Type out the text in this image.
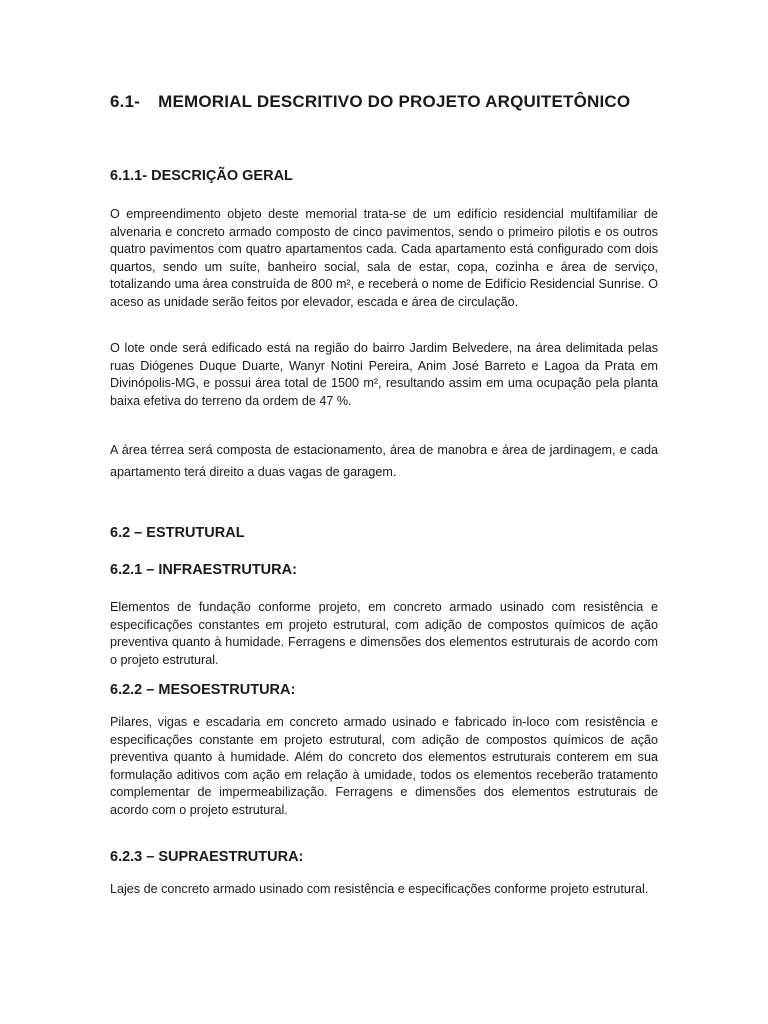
6.1- MEMORIAL DESCRITIVO DO PROJETO ARQUITETÔNICO
6.1.1- DESCRIÇÃO GERAL

O empreendimento objeto deste memorial trata-se de um edifício residencial multifamiliar de alvenaria e concreto armado composto de cinco pavimentos, sendo o primeiro pilotis e os outros quatro pavimentos com quatro apartamentos cada. Cada apartamento está configurado com dois quartos, sendo um suíte, banheiro social, sala de estar, copa, cozinha e área de serviço, totalizando uma área construída de 800 m², e receberá o nome de Edifício Residencial Sunrise. O aceso as unidade serão feitos por elevador, escada e área de circulação.

O lote onde será edificado está na região do bairro Jardim Belvedere, na área delimitada pelas ruas Diógenes Duque Duarte, Wanyr Notini Pereira, Anim José Barreto e Lagoa da Prata em Divinópolis-MG, e possui área total de 1500 m², resultando assim em uma ocupação pela planta baixa efetiva do terreno da ordem de 47 %.

A área térrea será composta de estacionamento, área de manobra e área de jardinagem, e cada apartamento terá direito a duas vagas de garagem.

6.2 – ESTRUTURAL
6.2.1 – INFRAESTRUTURA:

Elementos de fundação conforme projeto, em concreto armado usinado com resistência e especificações constantes em projeto estrutural, com adição de compostos químicos de ação preventiva quanto à humidade. Ferragens e dimensões dos elementos estruturais de acordo com o projeto estrutural.

6.2.2 – MESOESTRUTURA:

Pilares, vigas e escadaria em concreto armado usinado e fabricado in-loco com resistência e especificações constante em projeto estrutural, com adição de compostos químicos de ação preventiva quanto à humidade. Além do concreto dos elementos estruturais conterem em sua formulação aditivos com ação em relação à umidade, todos os elementos receberão tratamento complementar de impermeabilização. Ferragens e dimensões dos elementos estruturais de acordo com o projeto estrutural.

6.2.3 – SUPRAESTRUTURA:

Lajes de concreto armado usinado com resistência e especificações conforme projeto estrutural.
